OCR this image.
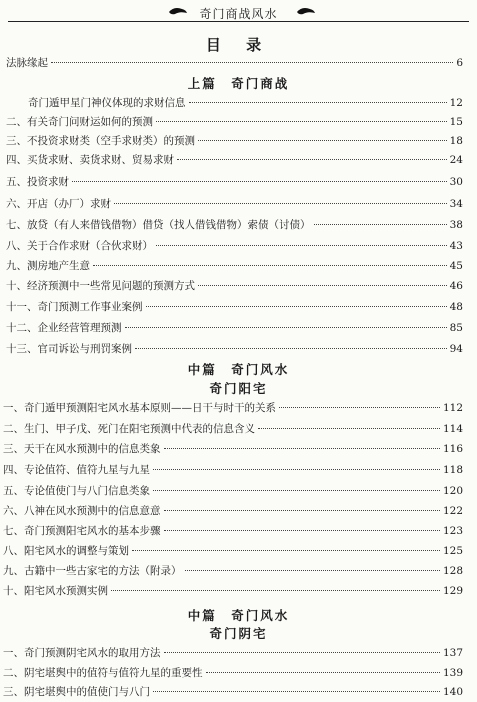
奇门商战风水
目 录
法脉缘起	6
上篇　奇门商战
奇门遁甲星门神仪体现的求财信息	12
二、有关奇门问财运如何的预测	15
三、不投资求财类（空手求财类）的预测	18
四、买货求财、卖货求财、贸易求财	24
五、投资求财	30
六、开店（办厂）求财	34
七、放贷（有人来借钱借物）借贷（找人借钱借物）索债（讨债）	38
八、关于合作求财（合伙求财）	43
九、测房地产生意	45
十、经济预测中一些常见问题的预测方式	46
十一、奇门预测工作事业案例	48
十二、企业经营管理预测	85
十三、官司诉讼与刑罚案例	94
中篇　奇门风水
奇门阳宅
一、奇门遁甲预测阳宅风水基本原则——日干与时干的关系	112
二、生门、甲子戊、死门在阳宅预测中代表的信息含义	114
三、天干在风水预测中的信息类象	116
四、专论值符、值符九星与九星	118
五、专论值使门与八门信息类象	120
六、八神在风水预测中的信息意意	122
七、奇门预测阳宅风水的基本步骤	123
八、阳宅风水的调整与策划	125
九、古籍中一些古家宅的方法（附录）	128
十、阳宅风水预测实例	129
中篇　奇门风水
奇门阴宅
一、奇门预测阴宅风水的取用方法	137
二、阴宅堪舆中的值符与值符九星的重要性	139
三、阴宅堪舆中的值使门与八门	140
